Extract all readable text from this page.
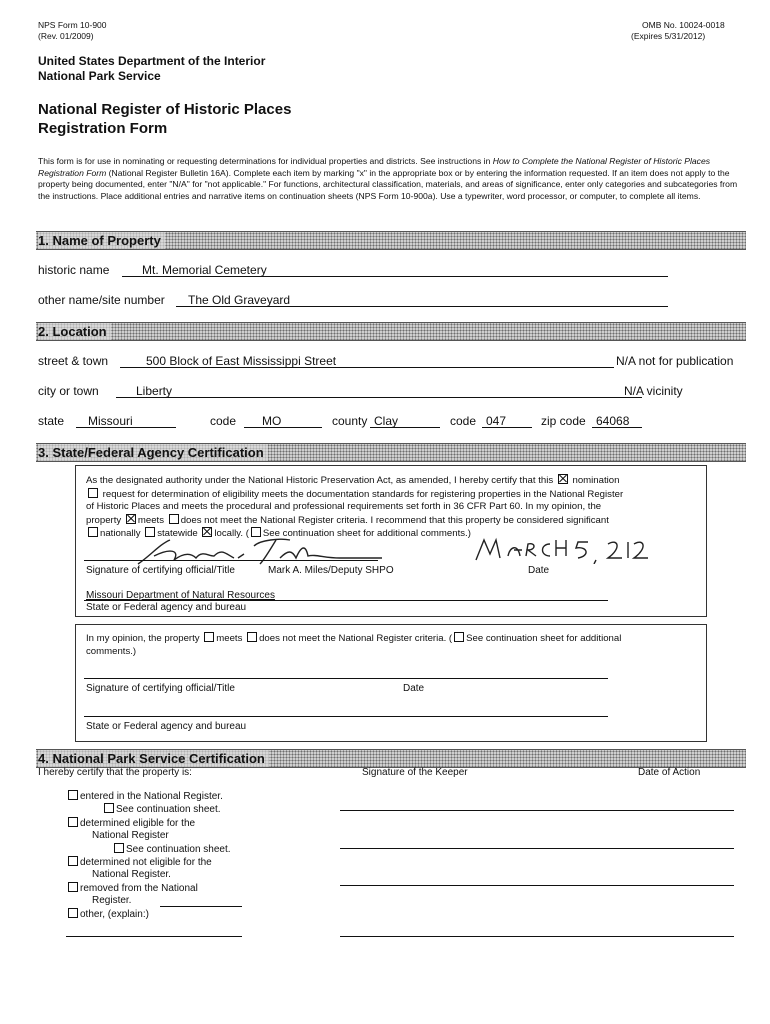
NPS Form 10-900
(Rev. 01/2009)
OMB No. 10024-0018
(Expires 5/31/2012)
United States Department of the Interior
National Park Service
National Register of Historic Places
Registration Form
This form is for use in nominating or requesting determinations for individual properties and districts. See instructions in How to Complete the National Register of Historic Places Registration Form (National Register Bulletin 16A). Complete each item by marking "x" in the appropriate box or by entering the information requested. If an item does not apply to the property being documented, enter "N/A" for "not applicable." For functions, architectural classification, materials, and areas of significance, enter only categories and subcategories from the instructions. Place additional entries and narrative items on continuation sheets (NPS Form 10-900a). Use a typewriter, word processor, or computer, to complete all items.
1. Name of Property
historic name	Mt. Memorial Cemetery
other name/site number The Old Graveyard
2. Location
street & town	500 Block of East Mississippi Street	N/A not for publication
city or town	Liberty	N/A vicinity
state Missouri	code MO	county Clay	code 047	zip code 64068
3. State/Federal Agency Certification
As the designated authority under the National Historic Preservation Act, as amended, I hereby certify that this nomination
request for determination of eligibility meets the documentation standards for registering properties in the National Register
of Historic Places and meets the procedural and professional requirements set forth in 36 CFR Part 60. In my opinion, the
property meets does not meet the National Register criteria. I recommend that this property be considered significant
nationally statewide locally. ( See continuation sheet for additional comments.)
Signature of certifying official/Title	Mark A. Miles/Deputy SHPO	Date
Missouri Department of Natural Resources
State or Federal agency and bureau
In my opinion, the property meets does not meet the National Register criteria. ( See continuation sheet for additional
comments.)
Signature of certifying official/Title	Date
State or Federal agency and bureau
4. National Park Service Certification
I hereby certify that the property is:	Signature of the Keeper	Date of Action
entered in the National Register.
See continuation sheet.
determined eligible for the
National Register
See continuation sheet.
determined not eligible for the
National Register.
removed from the National
Register.
other, (explain:)
